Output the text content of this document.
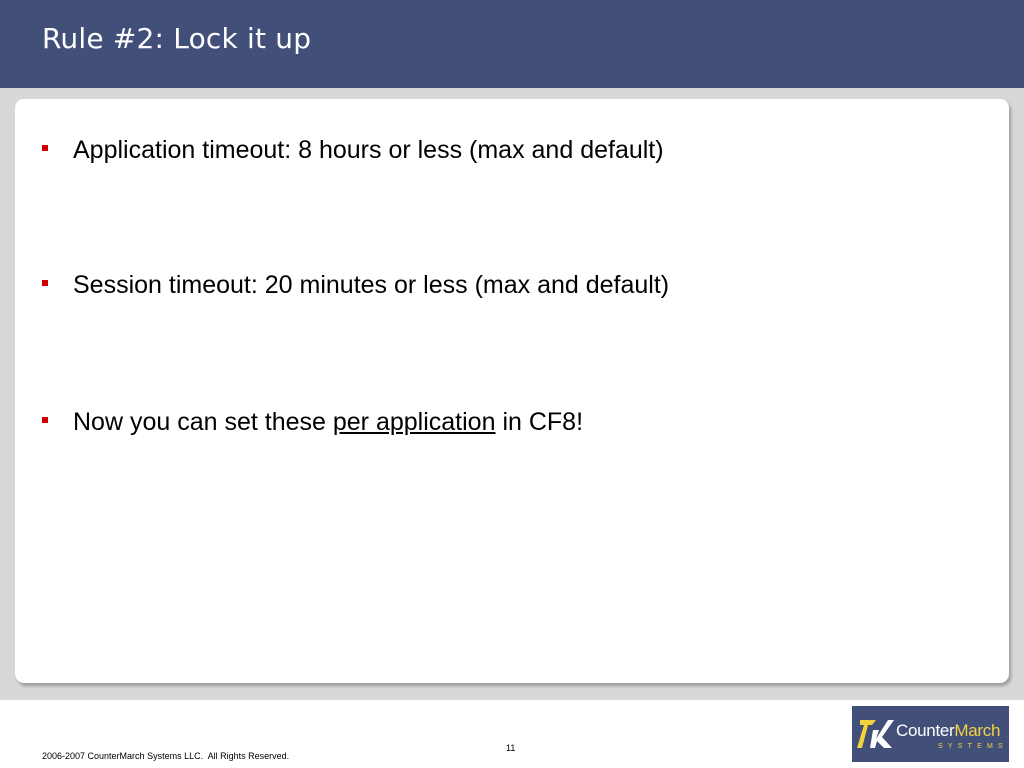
Rule #2: Lock it up
Application timeout: 8 hours or less (max and default)
Session timeout: 20 minutes or less (max and default)
Now you can set these per application in CF8!
2006-2007 CounterMarch Systems LLC.  All Rights Reserved.
11
CounterMarch
SYSTEMS
